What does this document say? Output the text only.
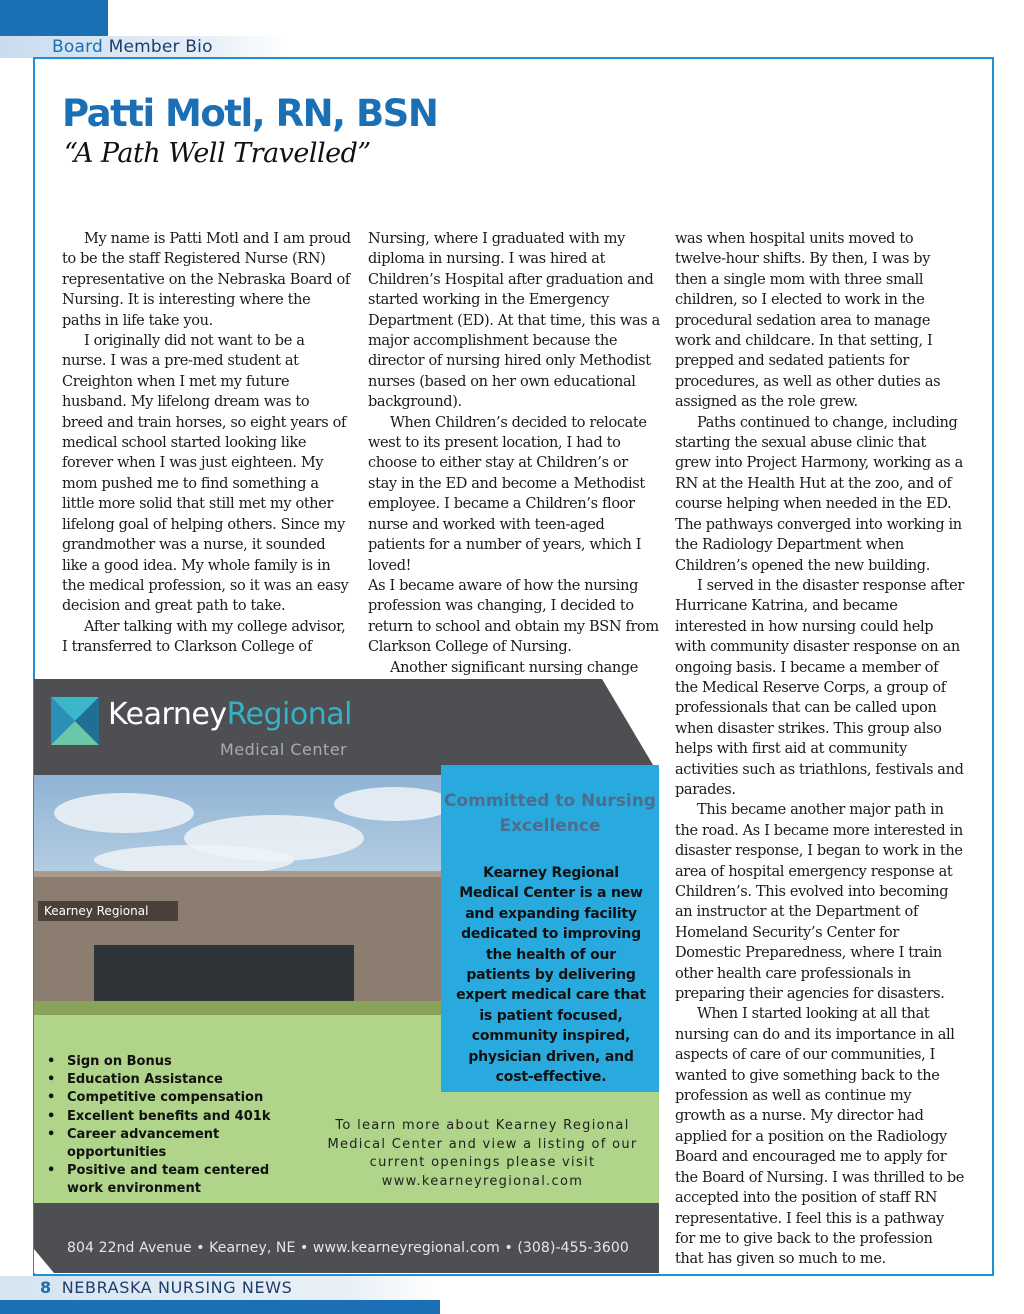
Board Member Bio
Patti Motl, RN, BSN
“A Path Well Travelled”

My name is Patti Motl and I am proud to be the staff Registered Nurse (RN) representative on the Nebraska Board of Nursing. It is interesting where the paths in life take you.

I originally did not want to be a nurse. I was a pre-med student at Creighton when I met my future husband. My lifelong dream was to breed and train horses, so eight years of medical school started looking like forever when I was just eighteen. My mom pushed me to find something a little more solid that still met my other lifelong goal of helping others. Since my grandmother was a nurse, it sounded like a good idea. My whole family is in the medical profession, so it was an easy decision and great path to take.

After talking with my college advisor, I transferred to Clarkson College of

Nursing, where I graduated with my diploma in nursing. I was hired at Children’s Hospital after graduation and started working in the Emergency Department (ED). At that time, this was a major accomplishment because the director of nursing hired only Methodist nurses (based on her own educational background).

When Children’s decided to relocate west to its present location, I had to choose to either stay at Children’s or stay in the ED and become a Methodist employee. I became a Children’s floor nurse and worked with teen-aged patients for a number of years, which I loved!

As I became aware of how the nursing profession was changing, I decided to return to school and obtain my BSN from Clarkson College of Nursing.

Another significant nursing change

was when hospital units moved to twelve-hour shifts. By then, I was by then a single mom with three small children, so I elected to work in the procedural sedation area to manage work and childcare. In that setting, I prepped and sedated patients for procedures, as well as other duties as assigned as the role grew.

Paths continued to change, including starting the sexual abuse clinic that grew into Project Harmony, working as a RN at the Health Hut at the zoo, and of course helping when needed in the ED. The pathways converged into working in the Radiology Department when Children’s opened the new building.

I served in the disaster response after Hurricane Katrina, and became interested in how nursing could help with community disaster response on an ongoing basis. I became a member of the Medical Reserve Corps, a group of professionals that can be called upon when disaster strikes. This group also helps with first aid at community activities such as triathlons, festivals and parades.

This became another major path in the road. As I became more interested in disaster response, I began to work in the area of hospital emergency response at Children’s. This evolved into becoming an instructor at the Department of Homeland Security’s Center for Domestic Preparedness, where I train other health care professionals in preparing their agencies for disasters.

When I started looking at all that nursing can do and its importance in all aspects of care of our communities, I wanted to give something back to the profession as well as continue my growth as a nurse. My director had applied for a position on the Radiology Board and encouraged me to apply for the Board of Nursing. I was thrilled to be accepted into the position of staff RN representative. I feel this is a pathway for me to give back to the profession that has given so much to me.

KearneyRegional
Medical Center
Kearney Regional
Committed to Nursing Excellence
Kearney Regional Medical Center is a new and expanding facility dedicated to improving the health of our patients by delivering expert medical care that is patient focused, community inspired, physician driven, and cost-effective.
• Sign on Bonus
• Education Assistance
• Competitive compensation
• Excellent benefits and 401k
• Career advancement opportunities
• Positive and team centered work environment
To learn more about Kearney Regional Medical Center and view a listing of our current openings please visit www.kearneyregional.com
804 22nd Avenue • Kearney, NE • www.kearneyregional.com • (308)-455-3600
8 NEBRASKA NURSING NEWS
